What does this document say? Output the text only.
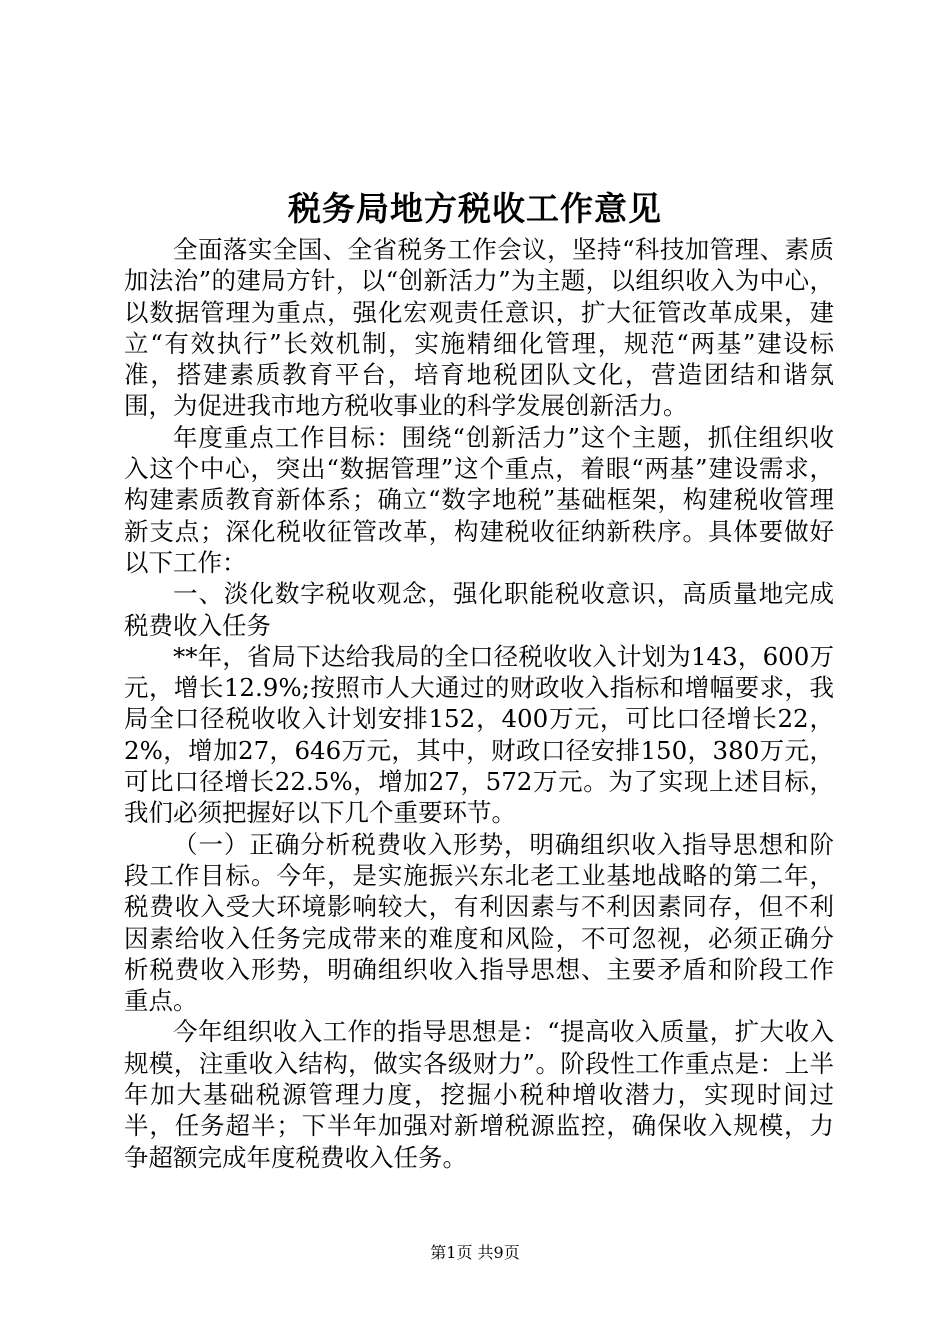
税务局地方税收工作意见

全面落实全国、全省税务工作会议，坚持“科技加管理、素质加法治”的建局方针，以“创新活力”为主题，以组织收入为中心，以数据管理为重点，强化宏观责任意识，扩大征管改革成果，建立“有效执行”长效机制，实施精细化管理，规范“两基”建设标准，搭建素质教育平台，培育地税团队文化，营造团结和谐氛围，为促进我市地方税收事业的科学发展创新活力。

年度重点工作目标：围绕“创新活力”这个主题，抓住组织收入这个中心，突出“数据管理”这个重点，着眼“两基”建设需求，构建素质教育新体系；确立“数字地税”基础框架，构建税收管理新支点；深化税收征管改革，构建税收征纳新秩序。具体要做好以下工作：

一、淡化数字税收观念，强化职能税收意识，高质量地完成税费收入任务

**年，省局下达给我局的全口径税收收入计划为143，600万元，增长12.9%;按照市人大通过的财政收入指标和增幅要求，我局全口径税收收入计划安排152，400万元，可比口径增长22，2%，增加27，646万元，其中，财政口径安排150，380万元，可比口径增长22.5%，增加27，572万元。为了实现上述目标，我们必须把握好以下几个重要环节。

（一）正确分析税费收入形势，明确组织收入指导思想和阶段工作目标。今年，是实施振兴东北老工业基地战略的第二年，税费收入受大环境影响较大，有利因素与不利因素同存，但不利因素给收入任务完成带来的难度和风险，不可忽视，必须正确分析税费收入形势，明确组织收入指导思想、主要矛盾和阶段工作重点。

今年组织收入工作的指导思想是：“提高收入质量，扩大收入规模，注重收入结构，做实各级财力”。阶段性工作重点是：上半年加大基础税源管理力度，挖掘小税种增收潜力，实现时间过半，任务超半；下半年加强对新增税源监控，确保收入规模，力争超额完成年度税费收入任务。

第1页 共9页
